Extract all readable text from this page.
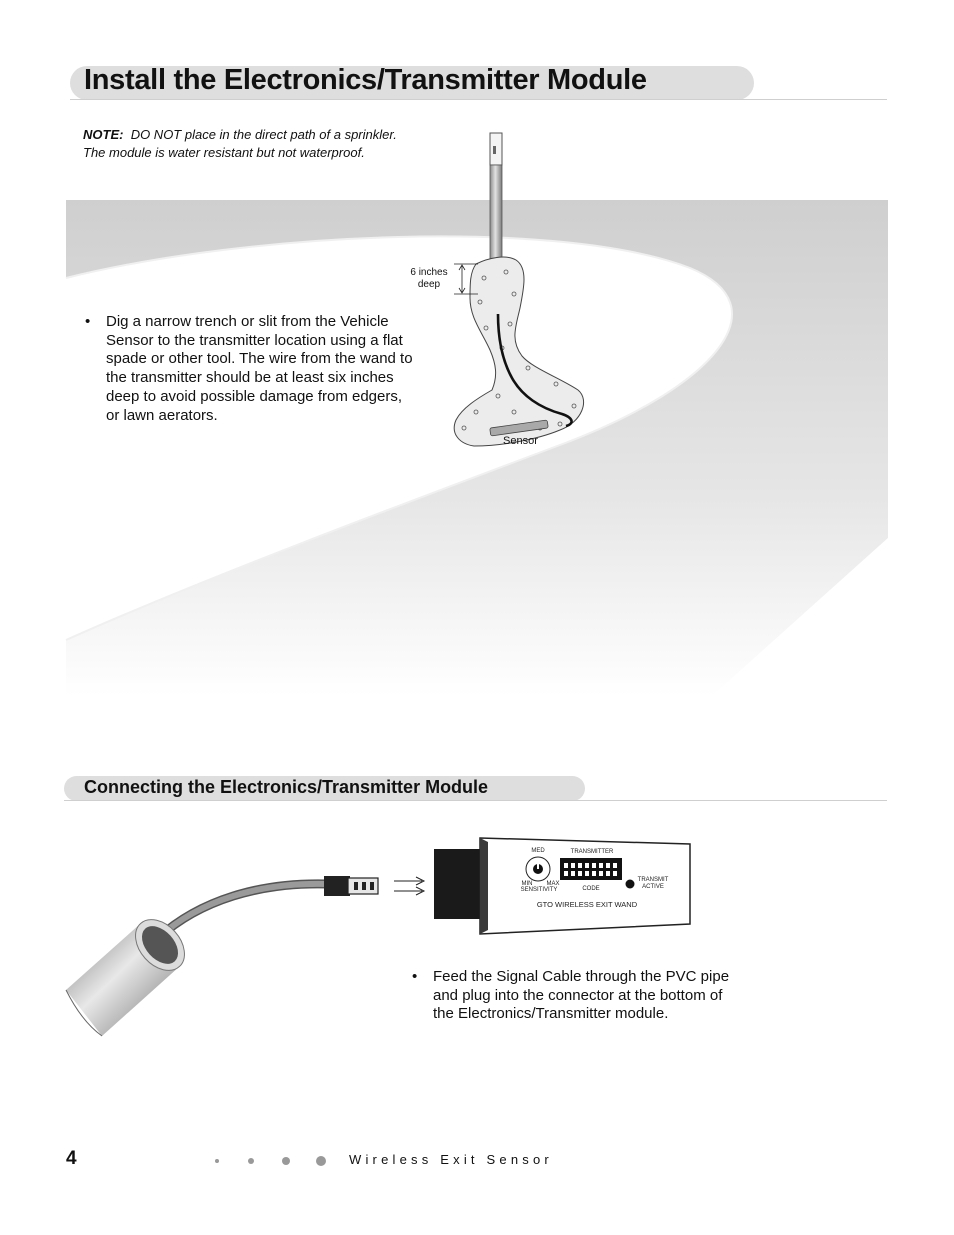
Install the Electronics/Transmitter Module
NOTE: DO NOT place in the direct path of a sprinkler.
The module is water resistant but not waterproof.
6 inches
deep
Sensor
• Dig a narrow trench or slit from the Vehicle
Sensor to the transmitter location using a flat
spade or other tool. The wire from the wand to
the transmitter should be at least six inches
deep to avoid possible damage from edgers,
or lawn aerators.
Connecting the Electronics/Transmitter Module
MED	TRANSMITTER
MIN	MAX
SENSITIVITY	CODE
TRANSMIT
ACTIVE
GTO WIRELESS EXIT WAND
• Feed the Signal Cable through the PVC pipe
and plug into the connector at the bottom of
the Electronics/Transmitter module.
4	Wireless Exit Sensor
